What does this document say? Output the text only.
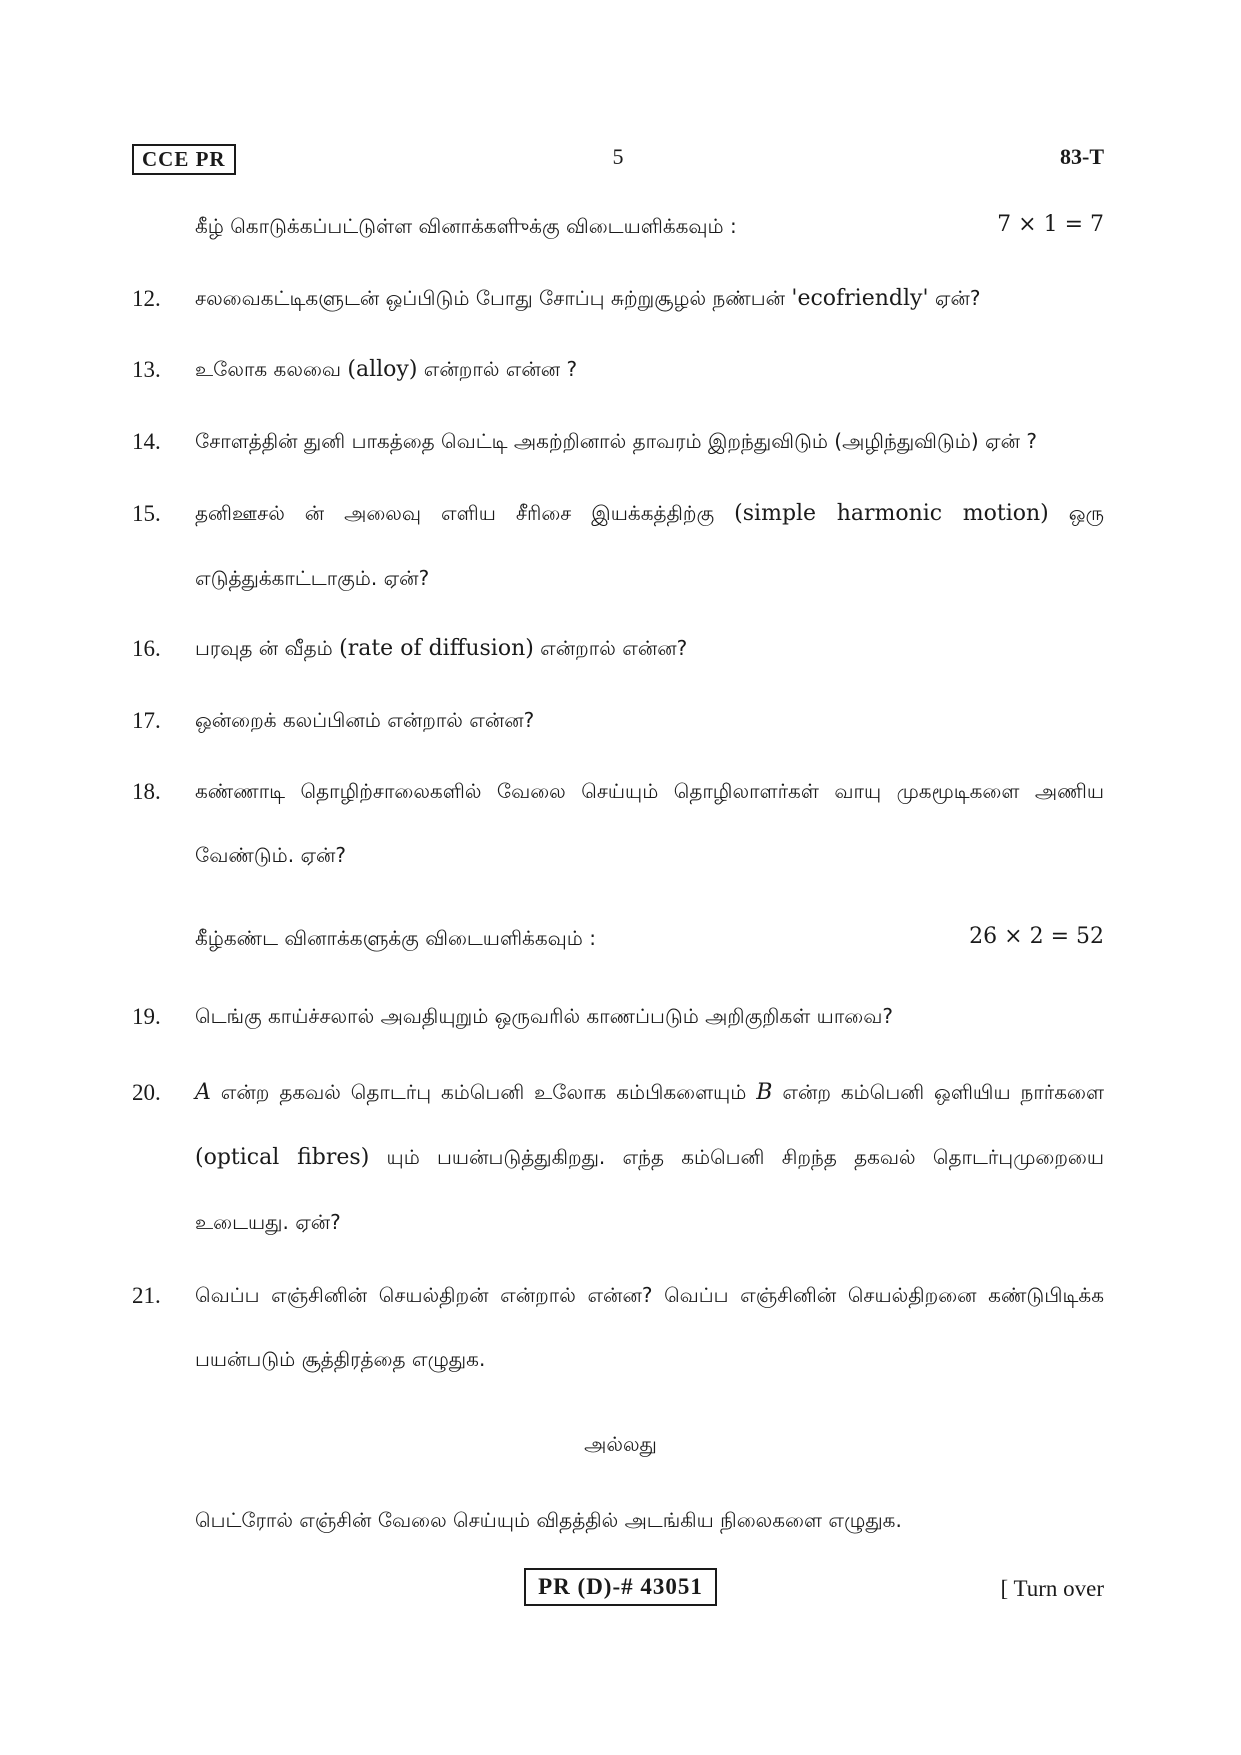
CCE PR	5	83-T
கீழ் கொடுக்கப்பட்டுள்ள வினாக்களிுக்கு விடையளிக்கவும் :	7 × 1 = 7
12.	சலவைகட்டிகளுடன் ஒப்பிடும் போது சோப்பு சுற்றுசூழல் நண்பன் 'ecofriendly' ஏன்?
13.	உலோக கலவை (alloy) என்றால் என்ன ?
14.	சோளத்தின் துனி பாகத்தை வெட்டி அகற்றினால் தாவரம் இறந்துவிடும் (அழிந்துவிடும்) ஏன் ?
15.	தனிஊசல் ன் அலைவு எளிய சீரிசை இயக்கத்திற்கு (simple harmonic motion) ஒரு எடுத்துக்காட்டாகும். ஏன்?
16.	பரவுத ன் வீதம் (rate of diffusion) என்றால் என்ன?
17.	ஒன்றைக் கலப்பினம் என்றால் என்ன?
18.	கண்ணாடி தொழிற்சாலைகளில் வேலை செய்யும் தொழிலாளர்கள் வாயு முகமூடிகளை அணிய வேண்டும். ஏன்?
கீழ்கண்ட வினாக்களுக்கு விடையளிக்கவும் :	26 × 2 = 52
19.	டெங்கு காய்ச்சலால் அவதியுறும் ஒருவரில் காணப்படும் அறிகுறிகள் யாவை?
20.	A என்ற தகவல் தொடர்பு கம்பெனி உலோக கம்பிகளையும் B என்ற கம்பெனி ஒளியிய நார்களை (optical fibres) யும் பயன்படுத்துகிறது. எந்த கம்பெனி சிறந்த தகவல் தொடர்புமுறையை உடையது. ஏன்?
21.	வெப்ப எஞ்சினின் செயல்திறன் என்றால் என்ன? வெப்ப எஞ்சினின் செயல்திறனை கண்டுபிடிக்க பயன்படும் சூத்திரத்தை எழுதுக.
அல்லது
பெட்ரோல் எஞ்சின் வேலை செய்யும் விதத்தில் அடங்கிய நிலைகளை எழுதுக.
PR (D)-# 43051	[ Turn over
